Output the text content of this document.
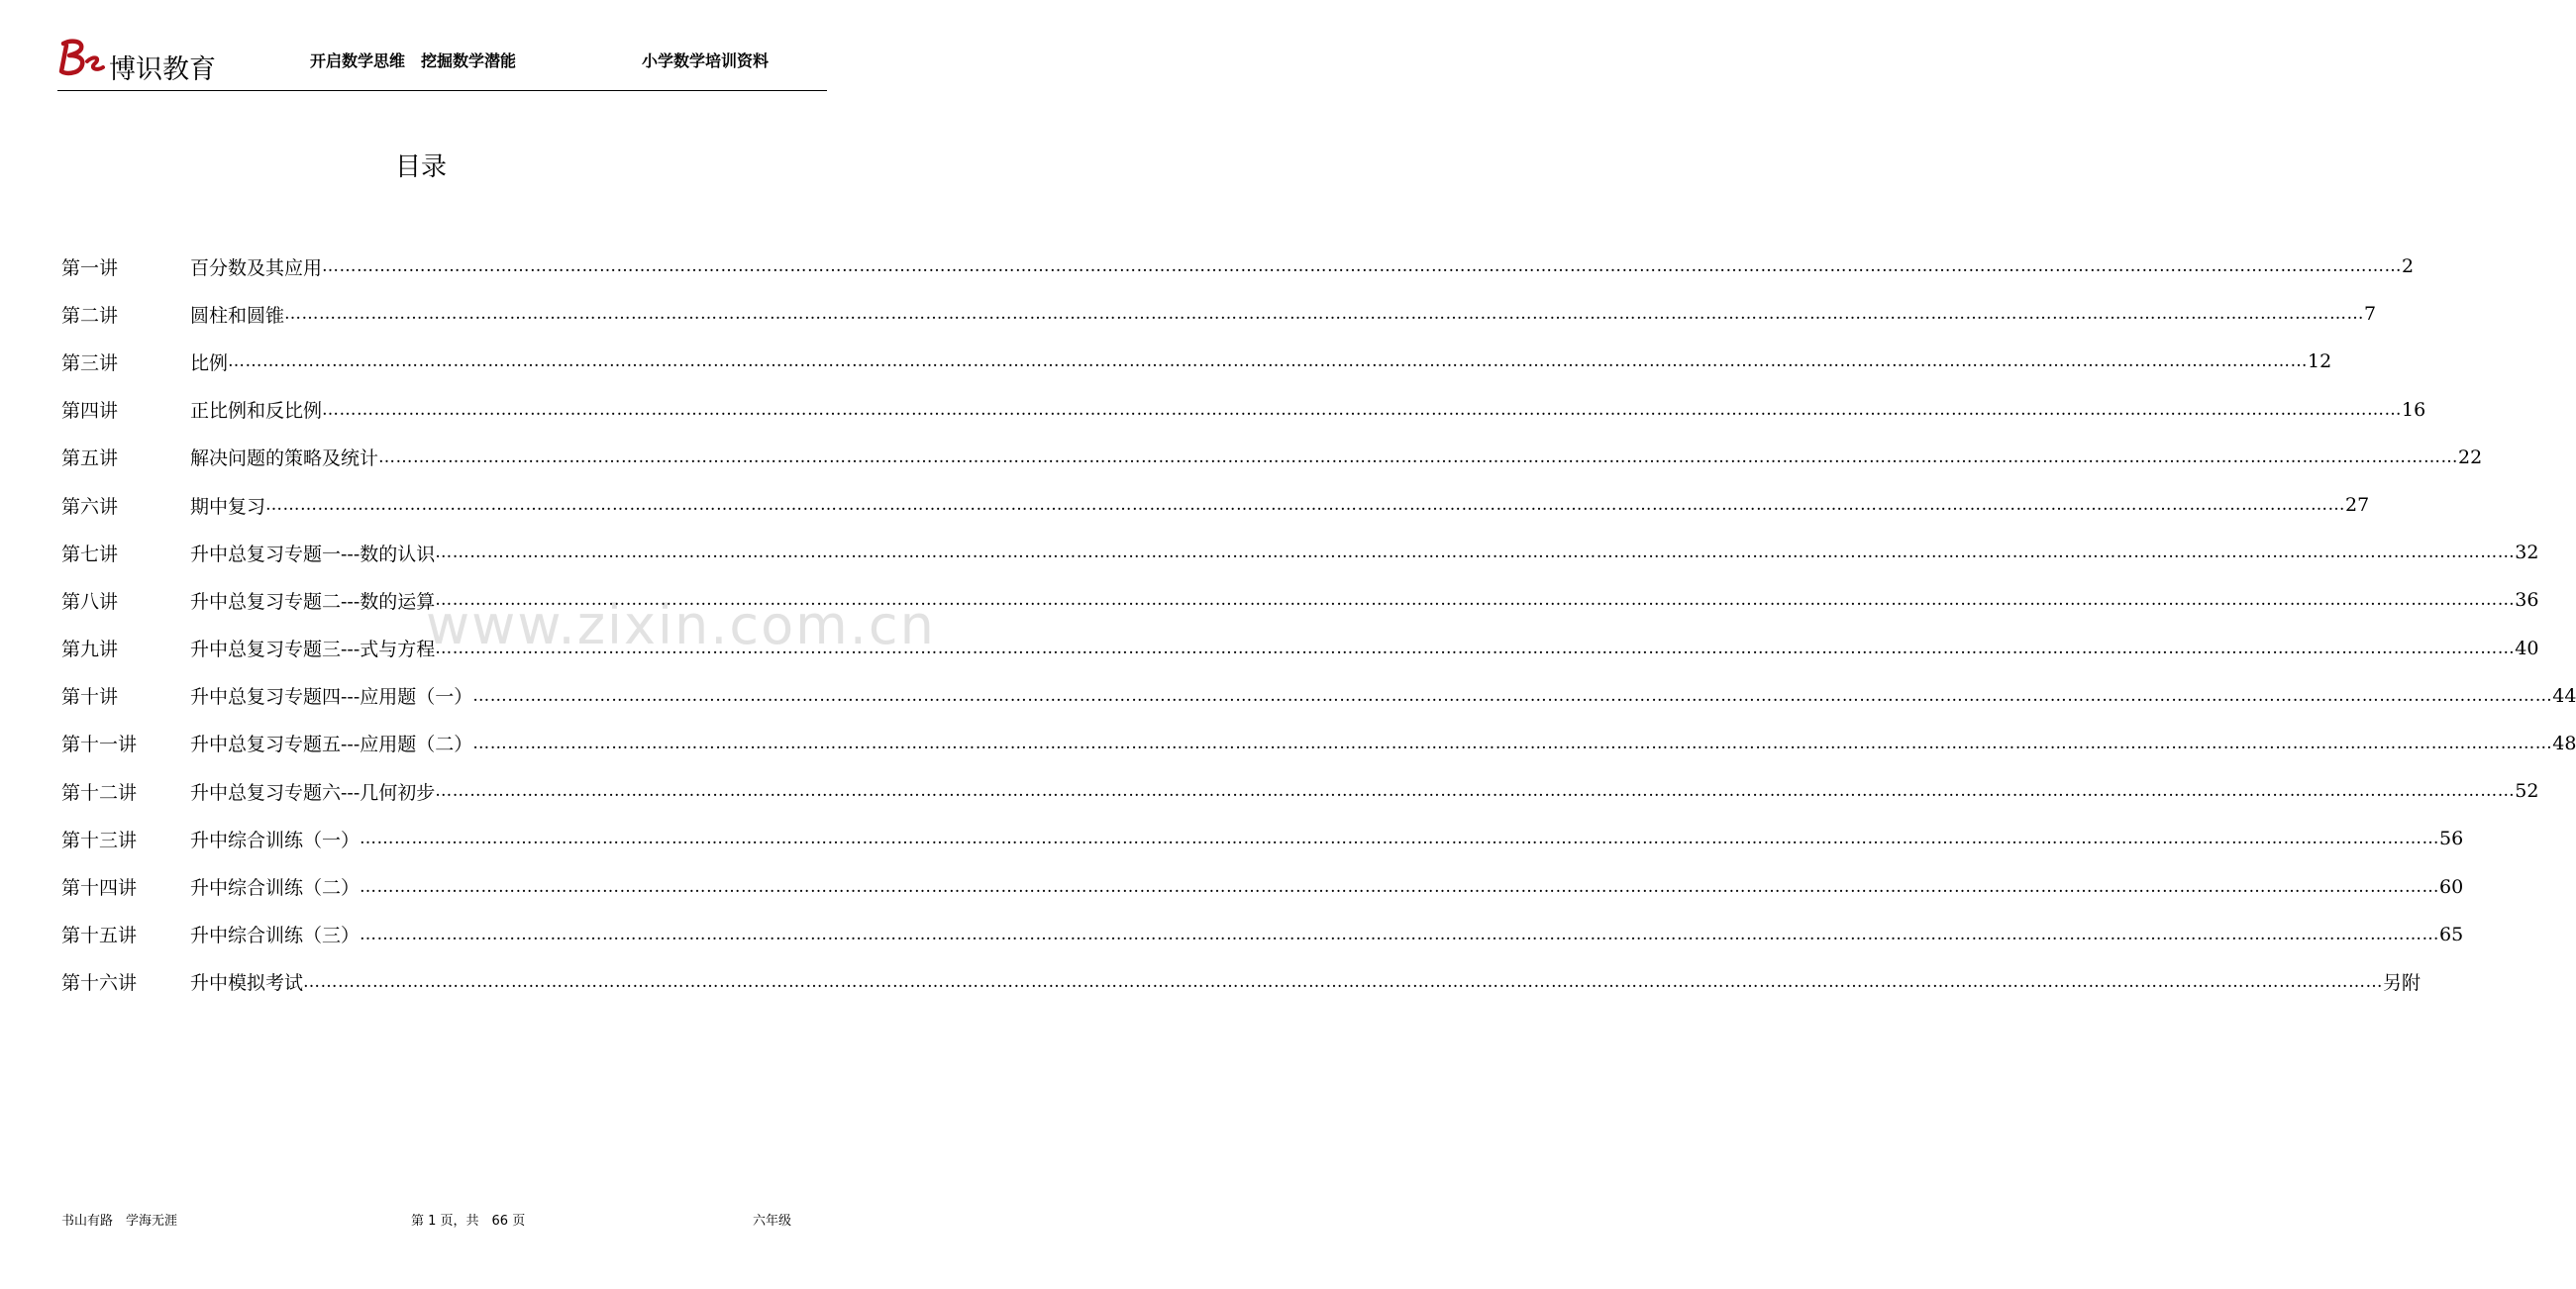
博识教育	开启数学思维　挖掘数学潜能	小学数学培训资料
www.zixin.com.cn
目录
第一讲	百分数及其应用 ……………………………………………………………………………………………………………………………………………………………………………………………………………………………………………………………………………………………………………………………… 2
第二讲	圆柱和圆锥 ……………………………………………………………………………………………………………………………………………………………………………………………………………………………………………………………………………………………………………………………… 7
第三讲	比例 ……………………………………………………………………………………………………………………………………………………………………………………………………………………………………………………………………………………………………………………………… 12
第四讲	正比例和反比例 ……………………………………………………………………………………………………………………………………………………………………………………………………………………………………………………………………………………………………………………………… 16
第五讲	解决问题的策略及统计 ……………………………………………………………………………………………………………………………………………………………………………………………………………………………………………………………………………………………………………………………… 22
第六讲	期中复习 ……………………………………………………………………………………………………………………………………………………………………………………………………………………………………………………………………………………………………………………………… 27
第七讲	升中总复习专题一---数的认识 ……………………………………………………………………………………………………………………………………………………………………………………………………………………………………………………………………………………………………………………………… 32
第八讲	升中总复习专题二---数的运算 ……………………………………………………………………………………………………………………………………………………………………………………………………………………………………………………………………………………………………………………………… 36
第九讲	升中总复习专题三---式与方程 ……………………………………………………………………………………………………………………………………………………………………………………………………………………………………………………………………………………………………………………………… 40
第十讲	升中总复习专题四---应用题（一） ……………………………………………………………………………………………………………………………………………………………………………………………………………………………………………………………………………………………………………………………… 44
第十一讲	升中总复习专题五---应用题（二） ……………………………………………………………………………………………………………………………………………………………………………………………………………………………………………………………………………………………………………………………… 48
第十二讲	升中总复习专题六---几何初步 ……………………………………………………………………………………………………………………………………………………………………………………………………………………………………………………………………………………………………………………………… 52
第十三讲	升中综合训练（一） ……………………………………………………………………………………………………………………………………………………………………………………………………………………………………………………………………………………………………………………………… 56
第十四讲	升中综合训练（二） ……………………………………………………………………………………………………………………………………………………………………………………………………………………………………………………………………………………………………………………………… 60
第十五讲	升中综合训练（三） ……………………………………………………………………………………………………………………………………………………………………………………………………………………………………………………………………………………………………………………………… 65
第十六讲	升中模拟考试 ……………………………………………………………………………………………………………………………………………………………………………………………………………………………………………………………………………………………………………………………… 另附

书山有路　学海无涯

	第 1 页，共　66 页

	六年级
